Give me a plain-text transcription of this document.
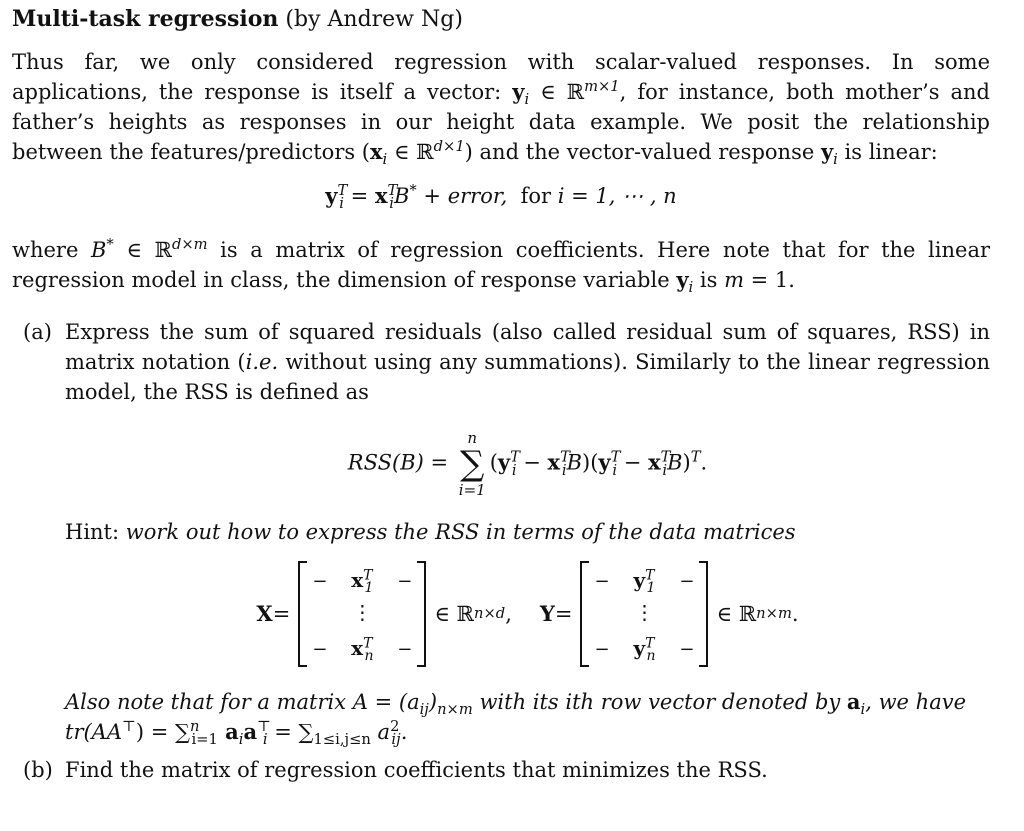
Multi-task regression (by Andrew Ng)

Thus far, we only considered regression with scalar-valued responses. In some applications, the response is itself a vector: $y_i$ ∈ ℝ$^{m\times 1}$, for instance, both mother’s and father’s heights as responses in our height data example. We posit the relationship between the features/predictors ($x_i$ ∈ ℝ$^{d\times 1}$) and the vector-valued response $y_i$ is linear:

$y^T_i = x^T_iB^*$ + error, for i = 1, ⋯ , n

where B* ∈ ℝ$^{d\times m}$ is a matrix of regression coefficients. Here note that for the linear regression model in class, the dimension of response variable $y_i$ is m = 1.

(a) Express the sum of squared residuals (also called residual sum of squares, RSS) in matrix notation (i.e. without using any summations). Similarly to the linear regression model, the RSS is defined as

RSS(B) =
n
∑
i=1
$(y^T_i - x^T_iB)(y^T_i - x^T_iB)^T$.

Hint: work out how to express the RSS in terms of the data matrices

X =
−	−
$x^T_1$
⋮
−	−
$x^T_n$
∈ ℝ n×d , Y =
−	−
$y^T_1$
⋮
−	−
$y^T_n$
∈ ℝ n×m .

Also note that for a matrix $A = (a_{ij})_{n\times m}$ with its ith row vector denoted by $a_i$, we have
tr(AA⊤) = ∑$^n_{i=1}$ $a_ia^⊤_i = \sum_{1\le i,j\le n}$ $a^2_{ij}$.

(b) Find the matrix of regression coefficients that minimizes the RSS.
